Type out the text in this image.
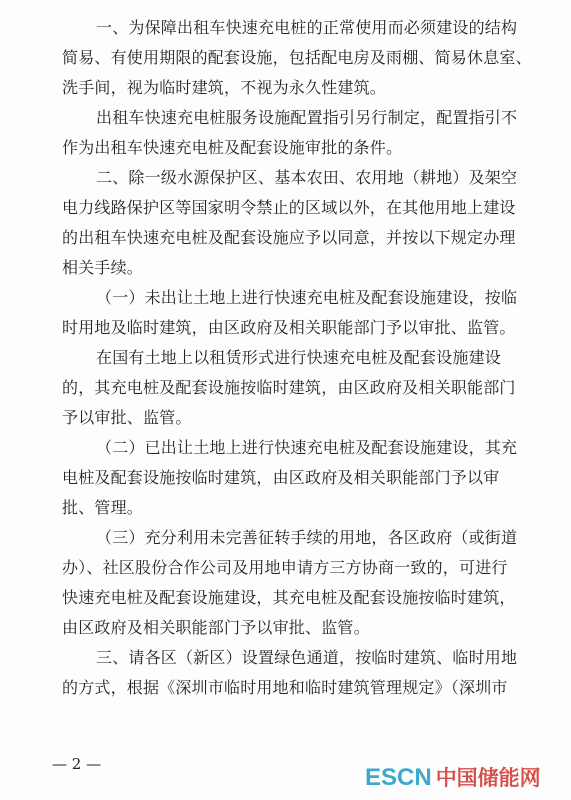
一、为保障出租车快速充电桩的正常使用而必须建设的结构
简易、有使用期限的配套设施，包括配电房及雨棚、简易休息室、
洗手间，视为临时建筑，不视为永久性建筑。
出租车快速充电桩服务设施配置指引另行制定，配置指引不
作为出租车快速充电桩及配套设施审批的条件。
二、除一级水源保护区、基本农田、农用地（耕地）及架空
电力线路保护区等国家明令禁止的区域以外，在其他用地上建设
的出租车快速充电桩及配套设施应予以同意，并按以下规定办理
相关手续。
（一）未出让土地上进行快速充电桩及配套设施建设，按临
时用地及临时建筑，由区政府及相关职能部门予以审批、监管。
在国有土地上以租赁形式进行快速充电桩及配套设施建设
的，其充电桩及配套设施按临时建筑，由区政府及相关职能部门
予以审批、监管。
（二）已出让土地上进行快速充电桩及配套设施建设，其充
电桩及配套设施按临时建筑，由区政府及相关职能部门予以审
批、管理。
（三）充分利用未完善征转手续的用地，各区政府（或街道
办）、社区股份合作公司及用地申请方三方协商一致的，可进行
快速充电桩及配套设施建设，其充电桩及配套设施按临时建筑，
由区政府及相关职能部门予以审批、监管。
三、请各区（新区）设置绿色通道，按临时建筑、临时用地
的方式，根据《深圳市临时用地和临时建筑管理规定》（深圳市
— 2 —	ESCN 中国储能网
